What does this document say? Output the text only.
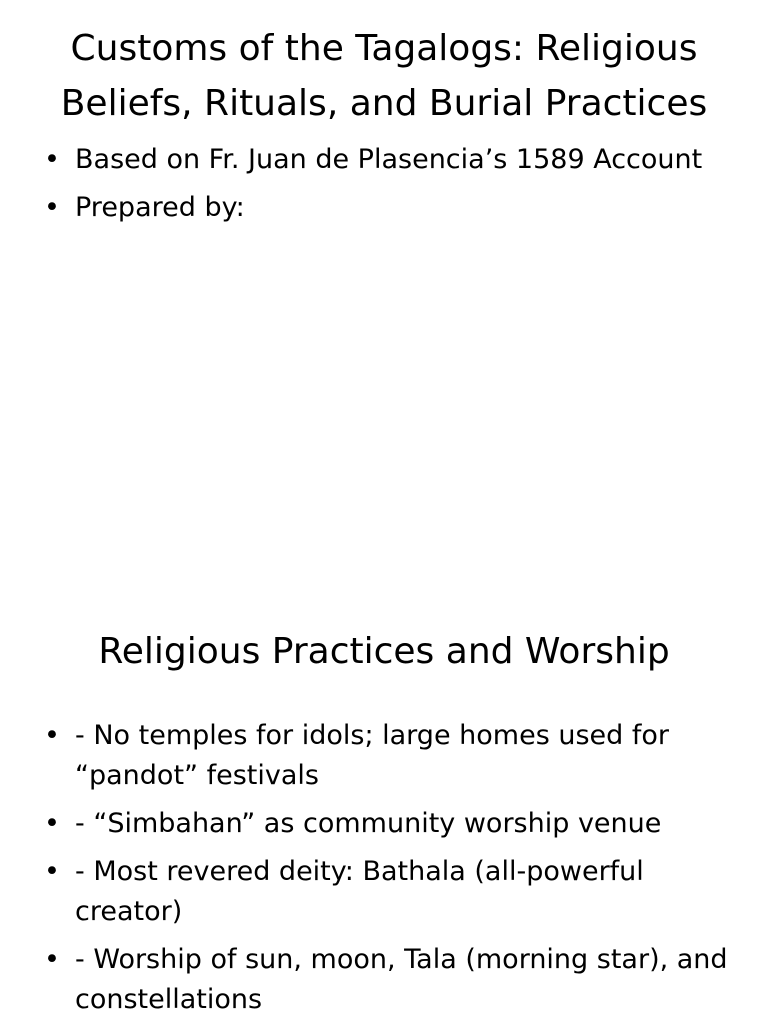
Customs of the Tagalogs: Religious Beliefs, Rituals, and Burial Practices
• Based on Fr. Juan de Plasencia’s 1589 Account
• Prepared by:
Religious Practices and Worship
• - No temples for idols; large homes used for “pandot” festivals
• - “Simbahan” as community worship venue
• - Most revered deity: Bathala (all-powerful creator)
• - Worship of sun, moon, Tala (morning star), and constellations
